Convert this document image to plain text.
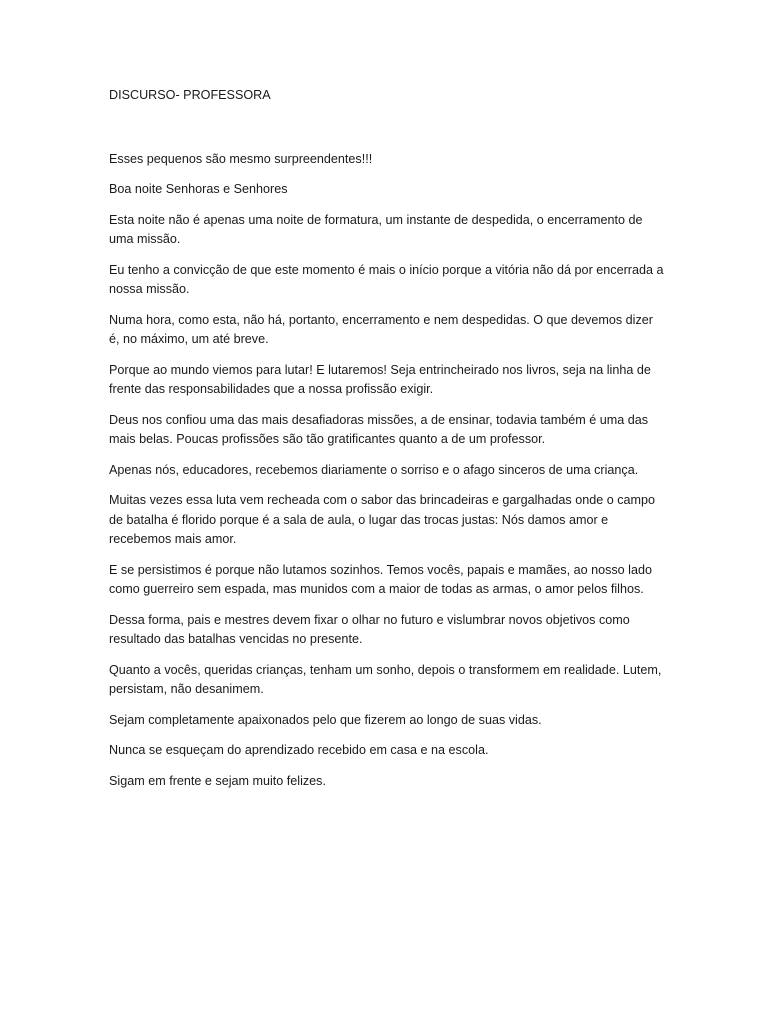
DISCURSO- PROFESSORA

Esses pequenos são mesmo surpreendentes!!!

Boa noite Senhoras e Senhores

Esta noite não é apenas uma noite de formatura, um instante de despedida, o encerramento de uma missão.

Eu tenho a convicção de que este momento é mais o início porque a vitória não dá por encerrada a nossa missão.

Numa hora, como esta, não há, portanto, encerramento e nem despedidas. O que devemos dizer é, no máximo, um até breve.

Porque ao mundo viemos para lutar! E lutaremos! Seja entrincheirado nos livros, seja na linha de frente das responsabilidades que a nossa profissão exigir.

Deus nos confiou uma das mais desafiadoras missões, a de ensinar, todavia também é uma das mais belas. Poucas profissões são tão gratificantes quanto a de um professor.

Apenas nós, educadores, recebemos diariamente o sorriso e o afago sinceros de uma criança.

Muitas vezes essa luta vem recheada com o sabor das brincadeiras e gargalhadas onde o campo de batalha é florido porque é a sala de aula, o lugar das trocas justas: Nós damos amor e recebemos mais amor.

E se persistimos é porque não lutamos sozinhos. Temos vocês, papais e mamães, ao nosso lado como guerreiro sem espada, mas munidos com a maior de todas as armas, o amor pelos filhos.

Dessa forma, pais e mestres devem fixar o olhar no futuro e vislumbrar novos objetivos como resultado das batalhas vencidas no presente.

Quanto a vocês, queridas crianças, tenham um sonho, depois o transformem em realidade. Lutem, persistam, não desanimem.

Sejam completamente apaixonados pelo que fizerem ao longo de suas vidas.

Nunca se esqueçam do aprendizado recebido em casa e na escola.

Sigam em frente e sejam muito felizes.
